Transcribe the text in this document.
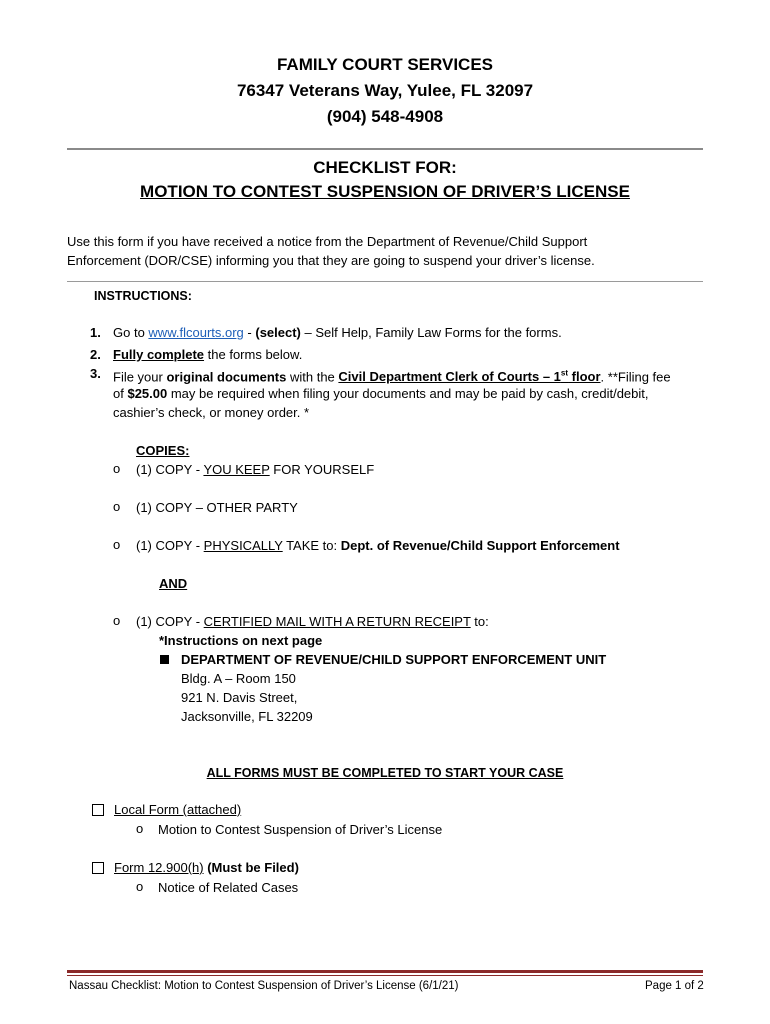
FAMILY COURT SERVICES
76347 Veterans Way, Yulee, FL 32097
(904) 548-4908
CHECKLIST FOR:
MOTION TO CONTEST SUSPENSION OF DRIVER’S LICENSE
Use this form if you have received a notice from the Department of Revenue/Child Support
Enforcement (DOR/CSE) informing you that they are going to suspend your driver’s license.
INSTRUCTIONS:
1. Go to www.flcourts.org - (select) – Self Help, Family Law Forms for the forms.
2. Fully complete the forms below.
3. File your original documents with the Civil Department Clerk of Courts – 1st floor. **Filing fee
of $25.00 may be required when filing your documents and may be paid by cash, credit/debit,
cashier’s check, or money order. *
COPIES:
o (1) COPY - YOU KEEP FOR YOURSELF
o (1) COPY – OTHER PARTY
o (1) COPY - PHYSICALLY TAKE to: Dept. of Revenue/Child Support Enforcement
AND
o (1) COPY - CERTIFIED MAIL WITH A RETURN RECEIPT to:
*Instructions on next page
DEPARTMENT OF REVENUE/CHILD SUPPORT ENFORCEMENT UNIT
Bldg. A – Room 150
921 N. Davis Street,
Jacksonville, FL 32209
ALL FORMS MUST BE COMPLETED TO START YOUR CASE
Local Form (attached)
o Motion to Contest Suspension of Driver’s License
Form 12.900(h) (Must be Filed)
o Notice of Related Cases
Nassau Checklist: Motion to Contest Suspension of Driver’s License (6/1/21)	Page 1 of 2
